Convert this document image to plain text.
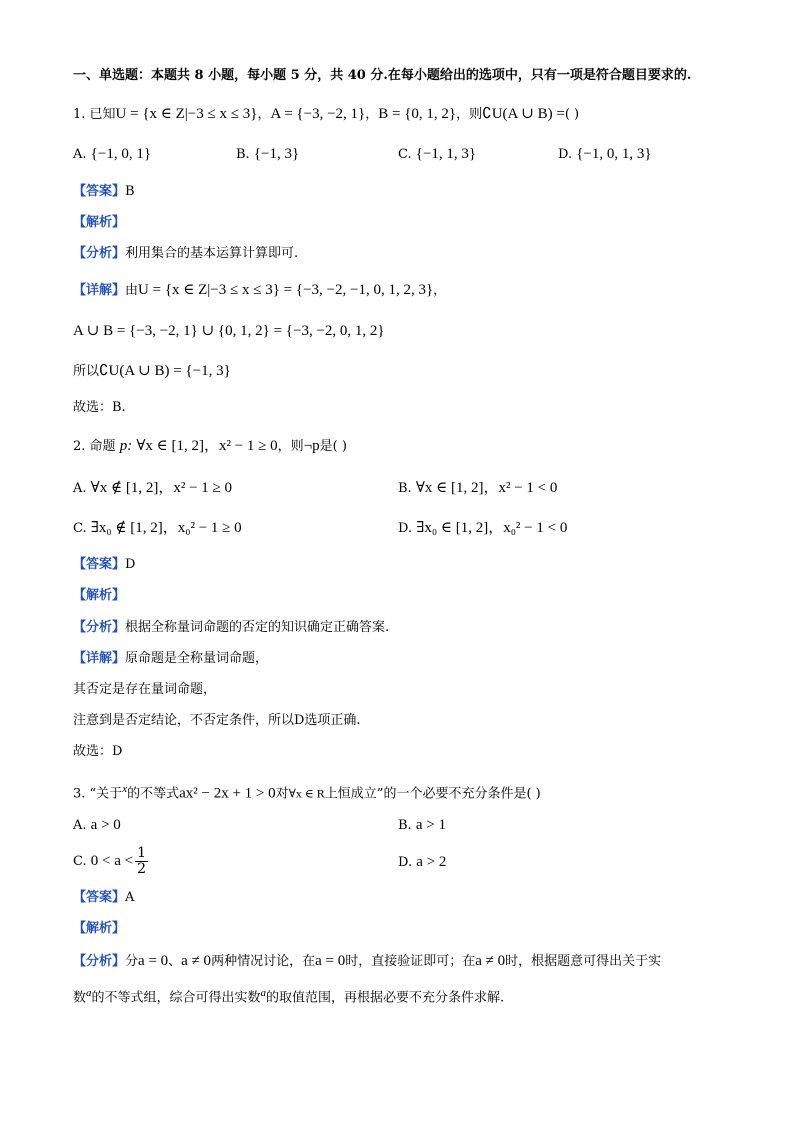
一、单选题：本题共 8 小题，每小题 5 分，共 40 分.在每小题给出的选项中，只有一项是符合题目要求的.
1. 已知U = {x ∈ Z|−3 ≤ x ≤ 3}，A = {−3, −2, 1}，B = {0, 1, 2}，则∁U(A ∪ B) =( )
A. {−1, 0, 1}	B. {−1, 3}	C. {−1, 1, 3}	D. {−1, 0, 1, 3}
【答案】B
【解析】
【分析】利用集合的基本运算计算即可.
【详解】由U = {x ∈ Z|−3 ≤ x ≤ 3} = {−3, −2, −1, 0, 1, 2, 3}，
A ∪ B = {−3, −2, 1} ∪ {0, 1, 2} = {−3, −2, 0, 1, 2}
所以∁U(A ∪ B) = {−1, 3}
故选：B.
2. 命题 p: ∀x ∈ [1, 2]，x² − 1 ≥ 0，则¬p是( )
A. ∀x ∉ [1, 2]，x² − 1 ≥ 0	B. ∀x ∈ [1, 2]，x² − 1 < 0
C. ∃x₀ ∉ [1, 2]，x₀² − 1 ≥ 0	D. ∃x₀ ∈ [1, 2]，x₀² − 1 < 0
【答案】D
【解析】
【分析】根据全称量词命题的否定的知识确定正确答案.
【详解】原命题是全称量词命题，
其否定是存在量词命题，
注意到是否定结论，不否定条件，所以D选项正确.
故选：D
3. “关于$^x$的不等式ax² − 2x + 1 > 0对∀x ∈ R上恒成立”的一个必要不充分条件是( )
A. a > 0	B. a > 1
C. $0 < a < \frac{1}{2}$	D. a > 2
【答案】A
【解析】
【分析】分a = 0、a ≠ 0两种情况讨论，在a = 0时，直接验证即可；在a ≠ 0时，根据题意可得出关于实
数$^a$的不等式组，综合可得出实数$^a$的取值范围，再根据必要不充分条件求解.
